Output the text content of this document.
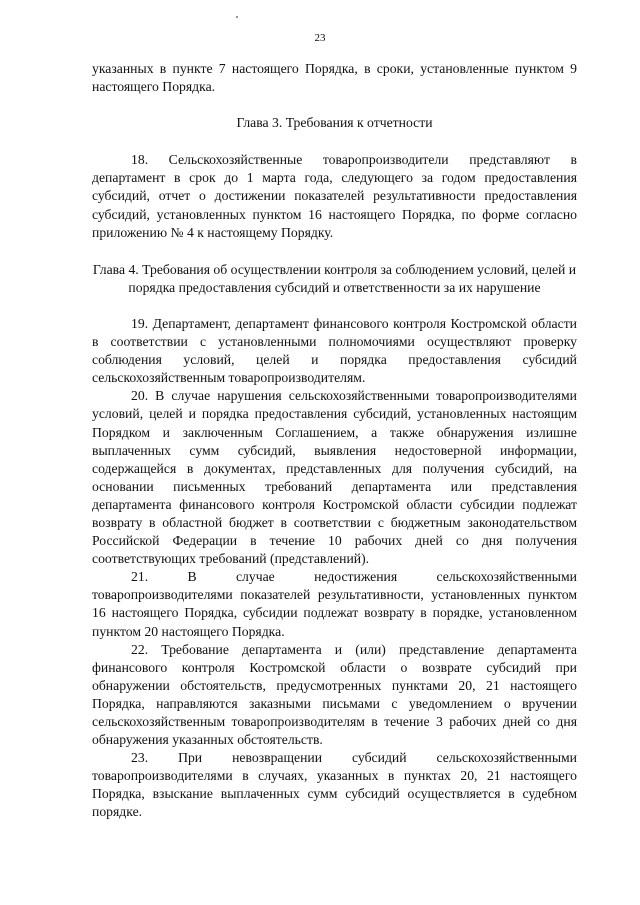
23

указанных в пункте 7 настоящего Порядка, в сроки, установленные пунктом 9 настоящего Порядка.

Глава 3. Требования к отчетности

18. Сельскохозяйственные товаропроизводители представляют в департамент в срок до 1 марта года, следующего за годом предоставления субсидий, отчет о достижении показателей результативности предоставления субсидий, установленных пунктом 16 настоящего Порядка, по форме согласно приложению № 4 к настоящему Порядку.

Глава 4. Требования об осуществлении контроля за соблюдением условий, целей и порядка предоставления субсидий и ответственности за их нарушение

19. Департамент, департамент финансового контроля Костромской области в соответствии с установленными полномочиями осуществляют проверку соблюдения условий, целей и порядка предоставления субсидий сельскохозяйственным товаропроизводителям.

20. В случае нарушения сельскохозяйственными товаропроизводителями условий, целей и порядка предоставления субсидий, установленных настоящим Порядком и заключенным Соглашением, а также обнаружения излишне выплаченных сумм субсидий, выявления недостоверной информации, содержащейся в документах, представленных для получения субсидий, на основании письменных требований департамента или представления департамента финансового контроля Костромской области субсидии подлежат возврату в областной бюджет в соответствии с бюджетным законодательством Российской Федерации в течение 10 рабочих дней со дня получения соответствующих требований (представлений).

21. В случае недостижения сельскохозяйственными товаропроизводителями показателей результативности, установленных пунктом 16 настоящего Порядка, субсидии подлежат возврату в порядке, установленном пунктом 20 настоящего Порядка.

22. Требование департамента и (или) представление департамента финансового контроля Костромской области о возврате субсидий при обнаружении обстоятельств, предусмотренных пунктами 20, 21 настоящего Порядка, направляются заказными письмами с уведомлением о вручении сельскохозяйственным товаропроизводителям в течение 3 рабочих дней со дня обнаружения указанных обстоятельств.

23. При невозвращении субсидий сельскохозяйственными товаропроизводителями в случаях, указанных в пунктах 20, 21 настоящего Порядка, взыскание выплаченных сумм субсидий осуществляется в судебном порядке.
